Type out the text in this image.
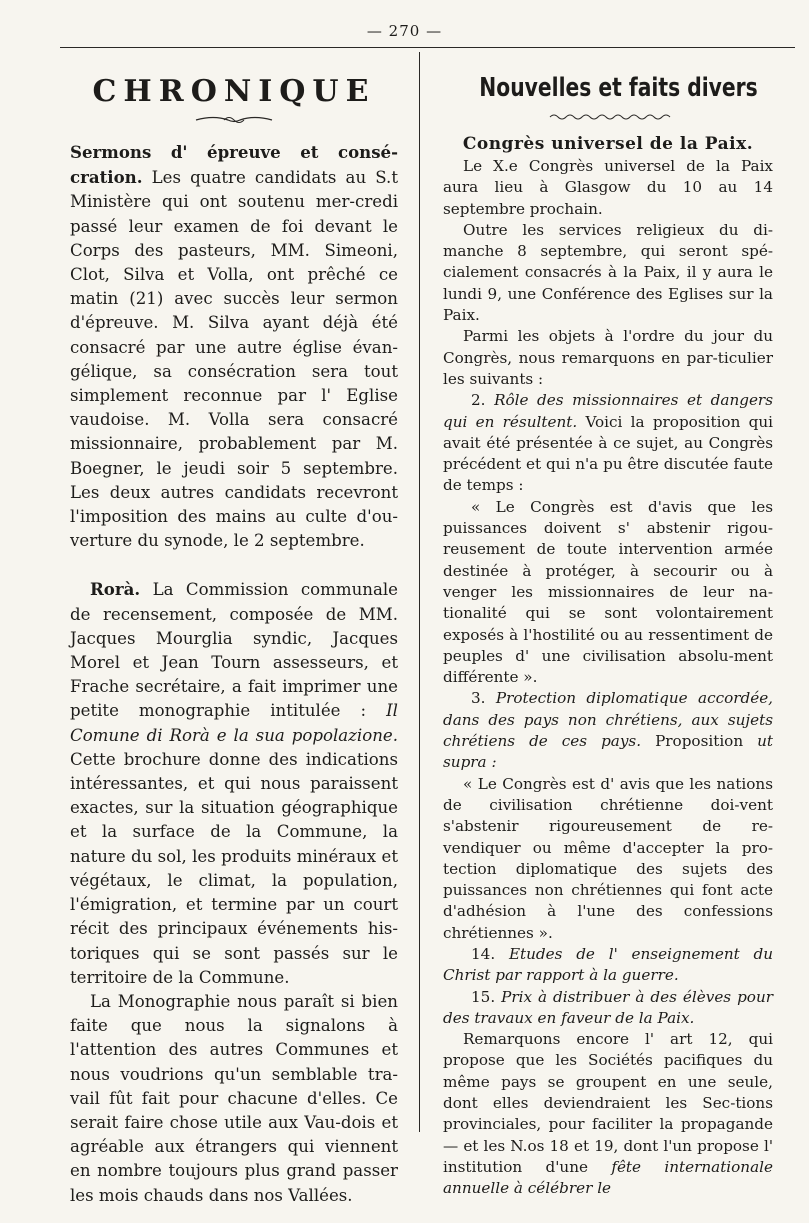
— 270 —
CHRONIQUE

Sermons d' épreuve et consé-cration. Les quatre candidats au S.t Ministère qui ont soutenu mer-credi passé leur examen de foi devant le Corps des pasteurs, MM. Simeoni, Clot, Silva et Volla, ont prêché ce matin (21) avec succès leur sermon d'épreuve. M. Silva ayant déjà été consacré par une autre église évan-gélique, sa consécration sera tout simplement reconnue par l' Eglise vaudoise. M. Volla sera consacré missionnaire, probablement par M. Boegner, le jeudi soir 5 septembre. Les deux autres candidats recevront l'imposition des mains au culte d'ou-verture du synode, le 2 septembre.

Rorà. La Commission communale de recensement, composée de MM. Jacques Mourglia syndic, Jacques Morel et Jean Tourn assesseurs, et Frache secrétaire, a fait imprimer une petite monographie intitulée : Il Comune di Rorà e la sua popolazione. Cette brochure donne des indications intéressantes, et qui nous paraissent exactes, sur la situation géographique et la surface de la Commune, la nature du sol, les produits minéraux et végétaux, le climat, la population, l'émigration, et termine par un court récit des principaux événements his-toriques qui se sont passés sur le territoire de la Commune.

La Monographie nous paraît si bien faite que nous la signalons à l'attention des autres Communes et nous voudrions qu'un semblable tra-vail fût fait pour chacune d'elles. Ce serait faire chose utile aux Vau-dois et agréable aux étrangers qui viennent en nombre toujours plus grand passer les mois chauds dans nos Vallées.

Nouvelles et faits divers
Congrès universel de la Paix.

Le X.e Congrès universel de la Paix aura lieu à Glasgow du 10 au 14 septembre prochain.

Outre les services religieux du di-manche 8 septembre, qui seront spé-cialement consacrés à la Paix, il y aura le lundi 9, une Conférence des Eglises sur la Paix.

Parmi les objets à l'ordre du jour du Congrès, nous remarquons en par-ticulier les suivants :

2. Rôle des missionnaires et dangers qui en résultent. Voici la proposition qui avait été présentée à ce sujet, au Congrès précédent et qui n'a pu être discutée faute de temps :

« Le Congrès est d'avis que les puissances doivent s' abstenir rigou-reusement de toute intervention armée destinée à protéger, à secourir ou à venger les missionnaires de leur na-tionalité qui se sont volontairement exposés à l'hostilité ou au ressentiment de peuples d' une civilisation absolu-ment différente ».

3. Protection diplomatique accordée, dans des pays non chrétiens, aux sujets chrétiens de ces pays. Proposition ut supra :

« Le Congrès est d' avis que les nations de civilisation chrétienne doi-vent s'abstenir rigoureusement de re-vendiquer ou même d'accepter la pro-tection diplomatique des sujets des puissances non chrétiennes qui font acte d'adhésion à l'une des confessions chrétiennes ».

14. Etudes de l' enseignement du Christ par rapport à la guerre.

15. Prix à distribuer à des élèves pour des travaux en faveur de la Paix.

Remarquons encore l' art 12, qui propose que les Sociétés pacifiques du même pays se groupent en une seule, dont elles deviendraient les Sec-tions provinciales, pour faciliter la propagande — et les N.os 18 et 19, dont l'un propose l' institution d'une fête internationale annuelle à célébrer le
